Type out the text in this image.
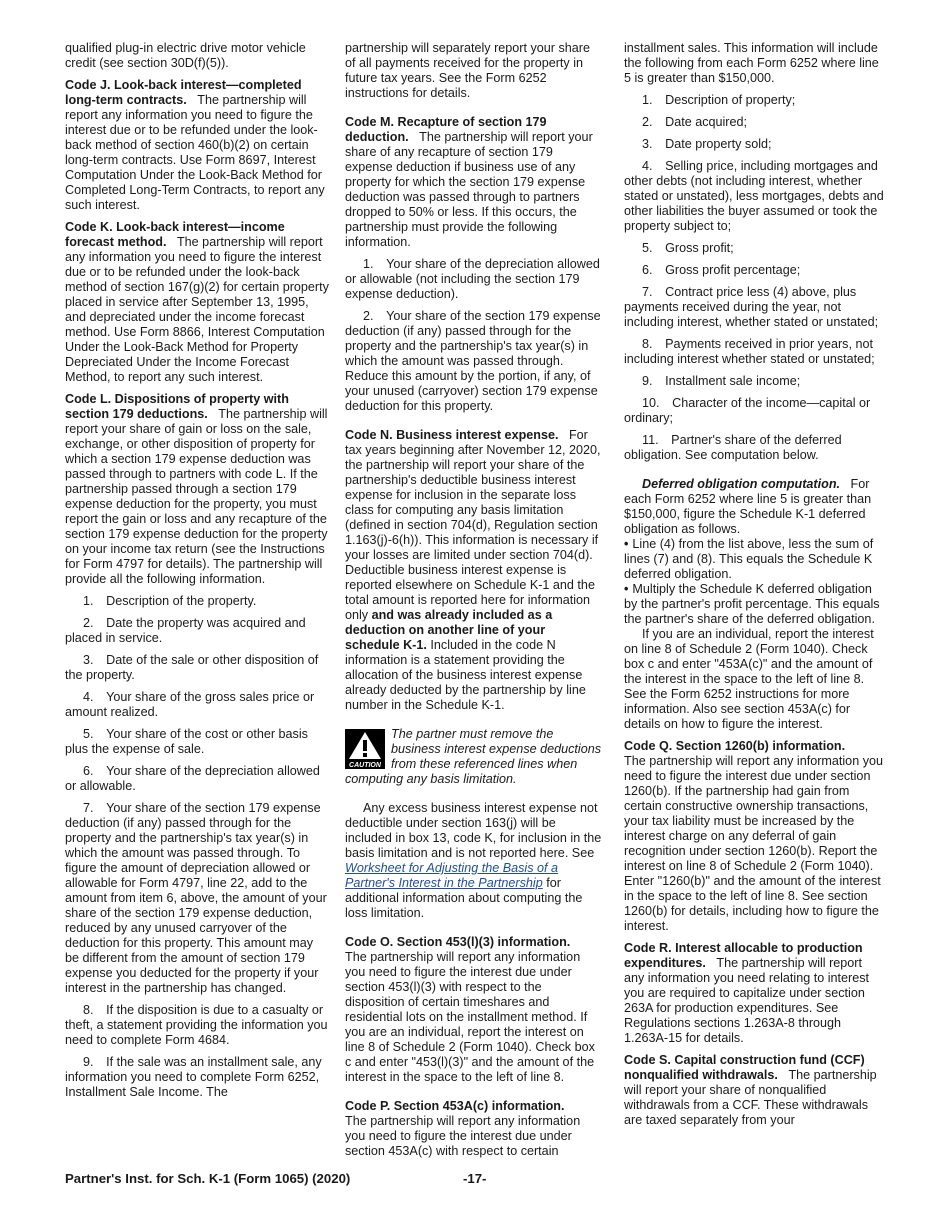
qualified plug-in electric drive motor vehicle credit (see section 30D(f)(5)).

Code J. Look-back interest—completed long-term contracts. The partnership will report any information you need to figure the interest due or to be refunded under the look-back method of section 460(b)(2) on certain long-term contracts. Use Form 8697, Interest Computation Under the Look-Back Method for Completed Long-Term Contracts, to report any such interest.

Code K. Look-back interest—income forecast method. The partnership will report any information you need to figure the interest due or to be refunded under the look-back method of section 167(g)(2) for certain property placed in service after September 13, 1995, and depreciated under the income forecast method. Use Form 8866, Interest Computation Under the Look-Back Method for Property Depreciated Under the Income Forecast Method, to report any such interest.

Code L. Dispositions of property with section 179 deductions. The partnership will report your share of gain or loss on the sale, exchange, or other disposition of property for which a section 179 expense deduction was passed through to partners with code L. If the partnership passed through a section 179 expense deduction for the property, you must report the gain or loss and any recapture of the section 179 expense deduction for the property on your income tax return (see the Instructions for Form 4797 for details). The partnership will provide all the following information.

1. Description of the property.

2. Date the property was acquired and placed in service.

3. Date of the sale or other disposition of the property.

4. Your share of the gross sales price or amount realized.

5. Your share of the cost or other basis plus the expense of sale.

6. Your share of the depreciation allowed or allowable.

7. Your share of the section 179 expense deduction (if any) passed through for the property and the partnership's tax year(s) in which the amount was passed through. To figure the amount of depreciation allowed or allowable for Form 4797, line 22, add to the amount from item 6, above, the amount of your share of the section 179 expense deduction, reduced by any unused carryover of the deduction for this property. This amount may be different from the amount of section 179 expense you deducted for the property if your interest in the partnership has changed.

8. If the disposition is due to a casualty or theft, a statement providing the information you need to complete Form 4684.

9. If the sale was an installment sale, any information you need to complete Form 6252, Installment Sale Income. The

partnership will separately report your share of all payments received for the property in future tax years. See the Form 6252 instructions for details.

Code M. Recapture of section 179 deduction. The partnership will report your share of any recapture of section 179 expense deduction if business use of any property for which the section 179 expense deduction was passed through to partners dropped to 50% or less. If this occurs, the partnership must provide the following information.

1. Your share of the depreciation allowed or allowable (not including the section 179 expense deduction).

2. Your share of the section 179 expense deduction (if any) passed through for the property and the partnership's tax year(s) in which the amount was passed through. Reduce this amount by the portion, if any, of your unused (carryover) section 179 expense deduction for this property.

Code N. Business interest expense. For tax years beginning after November 12, 2020, the partnership will report your share of the partnership's deductible business interest expense for inclusion in the separate loss class for computing any basis limitation (defined in section 704(d), Regulation section 1.163(j)-6(h)). This information is necessary if your losses are limited under section 704(d). Deductible business interest expense is reported elsewhere on Schedule K-1 and the total amount is reported here for information only and was already included as a deduction on another line of your schedule K-1. Included in the code N information is a statement providing the allocation of the business interest expense already deducted by the partnership by line number in the Schedule K-1.

CAUTION
The partner must remove the business interest expense deductions from these referenced lines when computing any basis limitation.

Any excess business interest expense not deductible under section 163(j) will be included in box 13, code K, for inclusion in the basis limitation and is not reported here. See Worksheet for Adjusting the Basis of a Partner's Interest in the Partnership for additional information about computing the loss limitation.

Code O. Section 453(l)(3) information.
The partnership will report any information you need to figure the interest due under section 453(l)(3) with respect to the disposition of certain timeshares and residential lots on the installment method. If you are an individual, report the interest on line 8 of Schedule 2 (Form 1040). Check box c and enter "453(l)(3)" and the amount of the interest in the space to the left of line 8.

Code P. Section 453A(c) information.
The partnership will report any information you need to figure the interest due under section 453A(c) with respect to certain

installment sales. This information will include the following from each Form 6252 where line 5 is greater than $150,000.

1. Description of property;

2. Date acquired;

3. Date property sold;

4. Selling price, including mortgages and other debts (not including interest, whether stated or unstated), less mortgages, debts and other liabilities the buyer assumed or took the property subject to;

5. Gross profit;

6. Gross profit percentage;

7. Contract price less (4) above, plus payments received during the year, not including interest, whether stated or unstated;

8. Payments received in prior years, not including interest whether stated or unstated;

9. Installment sale income;

10. Character of the income—capital or ordinary;

11. Partner's share of the deferred obligation. See computation below.

Deferred obligation computation. For each Form 6252 where line 5 is greater than $150,000, figure the Schedule K-1 deferred obligation as follows.

• Line (4) from the list above, less the sum of lines (7) and (8). This equals the Schedule K deferred obligation.

• Multiply the Schedule K deferred obligation by the partner's profit percentage. This equals the partner's share of the deferred obligation.

If you are an individual, report the interest on line 8 of Schedule 2 (Form 1040). Check box c and enter "453A(c)" and the amount of the interest in the space to the left of line 8. See the Form 6252 instructions for more information. Also see section 453A(c) for details on how to figure the interest.

Code Q. Section 1260(b) information.
The partnership will report any information you need to figure the interest due under section 1260(b). If the partnership had gain from certain constructive ownership transactions, your tax liability must be increased by the interest charge on any deferral of gain recognition under section 1260(b). Report the interest on line 8 of Schedule 2 (Form 1040). Enter "1260(b)" and the amount of the interest in the space to the left of line 8. See section 1260(b) for details, including how to figure the interest.

Code R. Interest allocable to production expenditures. The partnership will report any information you need relating to interest you are required to capitalize under section 263A for production expenditures. See Regulations sections 1.263A-8 through 1.263A-15 for details.

Code S. Capital construction fund (CCF) nonqualified withdrawals. The partnership will report your share of nonqualified withdrawals from a CCF. These withdrawals are taxed separately from your

Partner's Inst. for Sch. K-1 (Form 1065) (2020)	-17-
